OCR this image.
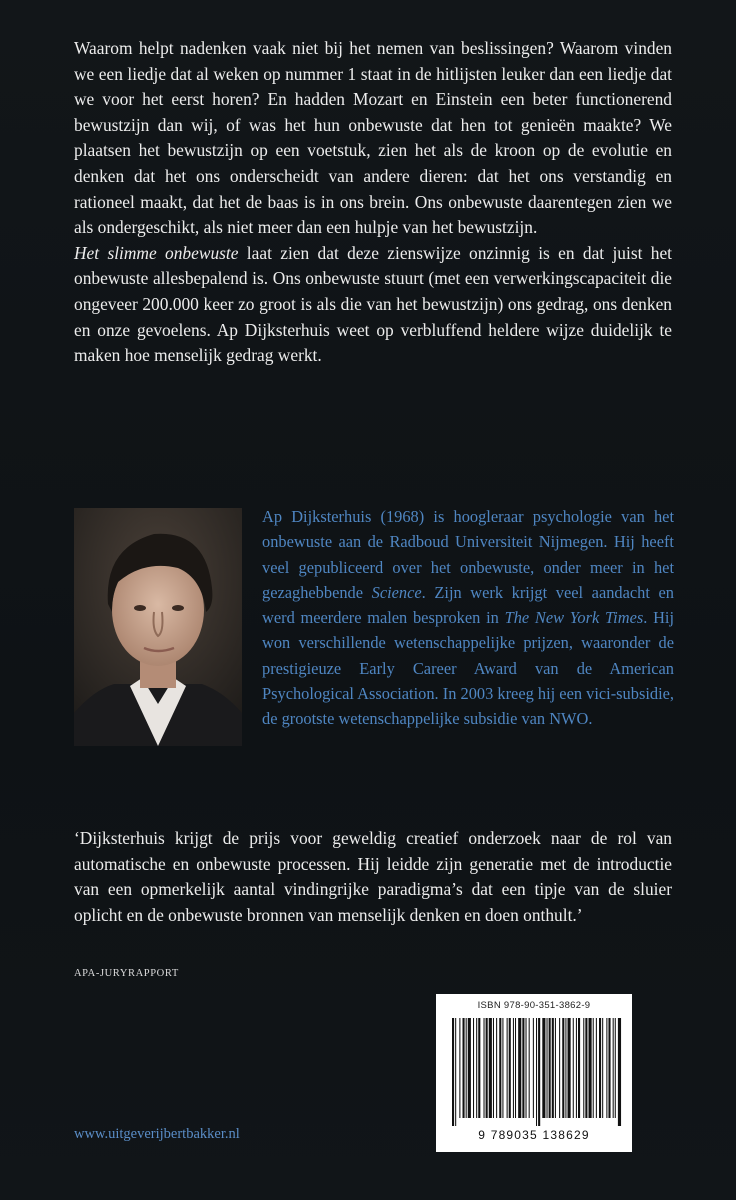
Waarom helpt nadenken vaak niet bij het nemen van beslissingen? Waarom vinden we een liedje dat al weken op nummer 1 staat in de hitlijsten leuker dan een liedje dat we voor het eerst horen? En hadden Mozart en Einstein een beter functionerend bewustzijn dan wij, of was het hun onbewuste dat hen tot genieën maakte? We plaatsen het bewustzijn op een voetstuk, zien het als de kroon op de evolutie en denken dat het ons onderscheidt van andere dieren: dat het ons verstandig en rationeel maakt, dat het de baas is in ons brein. Ons onbewuste daarentegen zien we als ondergeschikt, als niet meer dan een hulpje van het bewustzijn.

Het slimme onbewuste laat zien dat deze zienswijze onzinnig is en dat juist het onbewuste allesbepalend is. Ons onbewuste stuurt (met een verwerkingscapaciteit die ongeveer 200.000 keer zo groot is als die van het bewustzijn) ons gedrag, ons denken en onze gevoelens. Ap Dijksterhuis weet op verbluffend heldere wijze duidelijk te maken hoe menselijk gedrag werkt.

Ap Dijksterhuis (1968) is hoogleraar psychologie van het onbewuste aan de Radboud Universiteit Nijmegen. Hij heeft veel gepubliceerd over het onbewuste, onder meer in het gezaghebbende Science. Zijn werk krijgt veel aandacht en werd meerdere malen besproken in The New York Times. Hij won verschillende wetenschappelijke prijzen, waaronder de prestigieuze Early Career Award van de American Psychological Association. In 2003 kreeg hij een vici-subsidie, de grootste wetenschappelijke subsidie van NWO.
‘Dijksterhuis krijgt de prijs voor geweldig creatief onderzoek naar de rol van automatische en onbewuste processen. Hij leidde zijn generatie met de introductie van een opmerkelijk aantal vindingrijke paradigma’s dat een tipje van de sluier oplicht en de onbewuste bronnen van menselijk denken en doen onthult.’
APA-JURYRAPPORT
www.uitgeverijbertbakker.nl
ISBN 978-90-351-3862-9
9 789035 138629
